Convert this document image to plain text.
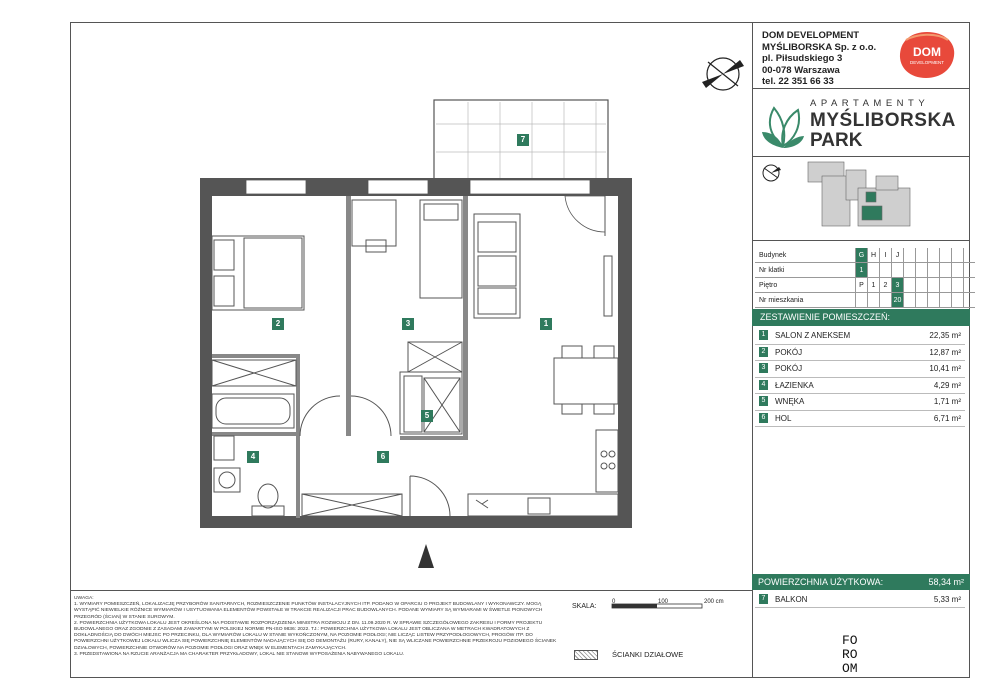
1
2	3
4
5
6
7
DOM DEVELOPMENT
MYŚLIBORSKA Sp. z o.o.
pl. Piłsudskiego 3
00-078 Warszawa
tel. 22 351 66 33
DOM
DEVELOPMENT
APARTAMENTY
MYŚLIBORSKA
PARK
Budynek	G	H	I	J						
Nr klatki	1									
Piętro	P	1	2	3						
Nr mieszkania				20						
ZESTAWIENIE POMIESZCZEŃ:
1	SALON Z ANEKSEM	22,35 m²
2	POKÓJ	12,87 m²
3	POKÓJ	10,41 m²
4	ŁAZIENKA	4,29 m²
5	WNĘKA	1,71 m²
6	HOL	6,71 m²
POWIERZCHNIA UŻYTKOWA:	58,34 m²
7	BALKON	5,33 m²

UWAGA:

1. WYMIARY POMIESZCZEŃ, LOKALIZACJĘ PRZYBORÓW SANITARNYCH, ROZMIESZCZENIE PUNKTÓW INSTALACYJNYCH ITP. PODANO W OPARCIU O PROJEKT BUDOWLANY I WYKONAWCZY. MOGĄ WYSTĄPIĆ NIEWIELKIE RÓŻNICE WYMIARÓW I USYTUOWANIA ELEMENTÓW POWSTAŁE W TRAKCIE REALIZACJI PRAC BUDOWLANYCH. PODANE WYMIARY SĄ WYMIARAMI W ŚWIETLE PIONOWYCH PRZEGRÓD (ŚCIAN) W STANIE SUROWYM.

2. POWIERZCHNIA UŻYTKOWA LOKALU JEST OKREŚLONA NA PODSTAWIE ROZPORZĄDZENIA MINISTRA ROZWOJU Z DN. 11.09.2020 R. W SPRAWIE SZCZEGÓŁOWEGO ZAKRESU I FORMY PROJEKTU BUDOWLANEGO ORAZ ZGODNIE Z ZASADAMI ZAWARTYMI W POLSKIEJ NORMIE PN-ISO 9836: 2022. TJ.: POWIERZCHNIA UŻYTKOWA LOKALU JEST OBLICZANA W METRACH KWADRATOWYCH Z DOKŁADNOŚCIĄ DO DWÓCH MIEJSC PO PRZECINKU, DLA WYMIARÓW LOKALU W STANIE WYKOŃCZONYM, NA POZIOMIE PODŁOGI; NIE LICZĄC LISTEW PRZYPODŁOGOWYCH, PROGÓW ITP. DO POWIERZCHNI UŻYTKOWEJ LOKALU WLICZA SIĘ POWIERZCHNIĘ ELEMENTÓW NADAJĄCYCH SIĘ DO DEMONTAŻU (RURY, KANAŁY), NIE SĄ WLICZANE POWIERZCHNIE PRZEKROJU POZIOMEGO ŚCIANEK DZIAŁOWYCH, POWIERZCHNIE OTWORÓW NA POZIOMIE PODŁOGI ORAZ WNĘK W ELEMENTACH ZAMYKAJĄCYCH.

3. PRZEDSTAWIONA NA RZUCIE ARANŻACJA MA CHARAKTER PRZYKŁADOWY, LOKAL NIE STANOWI WYPOSAŻENIA NABYWANEGO LOKALU.

SKALA:
0	100	200 cm
ŚCIANKI DZIAŁOWE
FO
RO
OM
